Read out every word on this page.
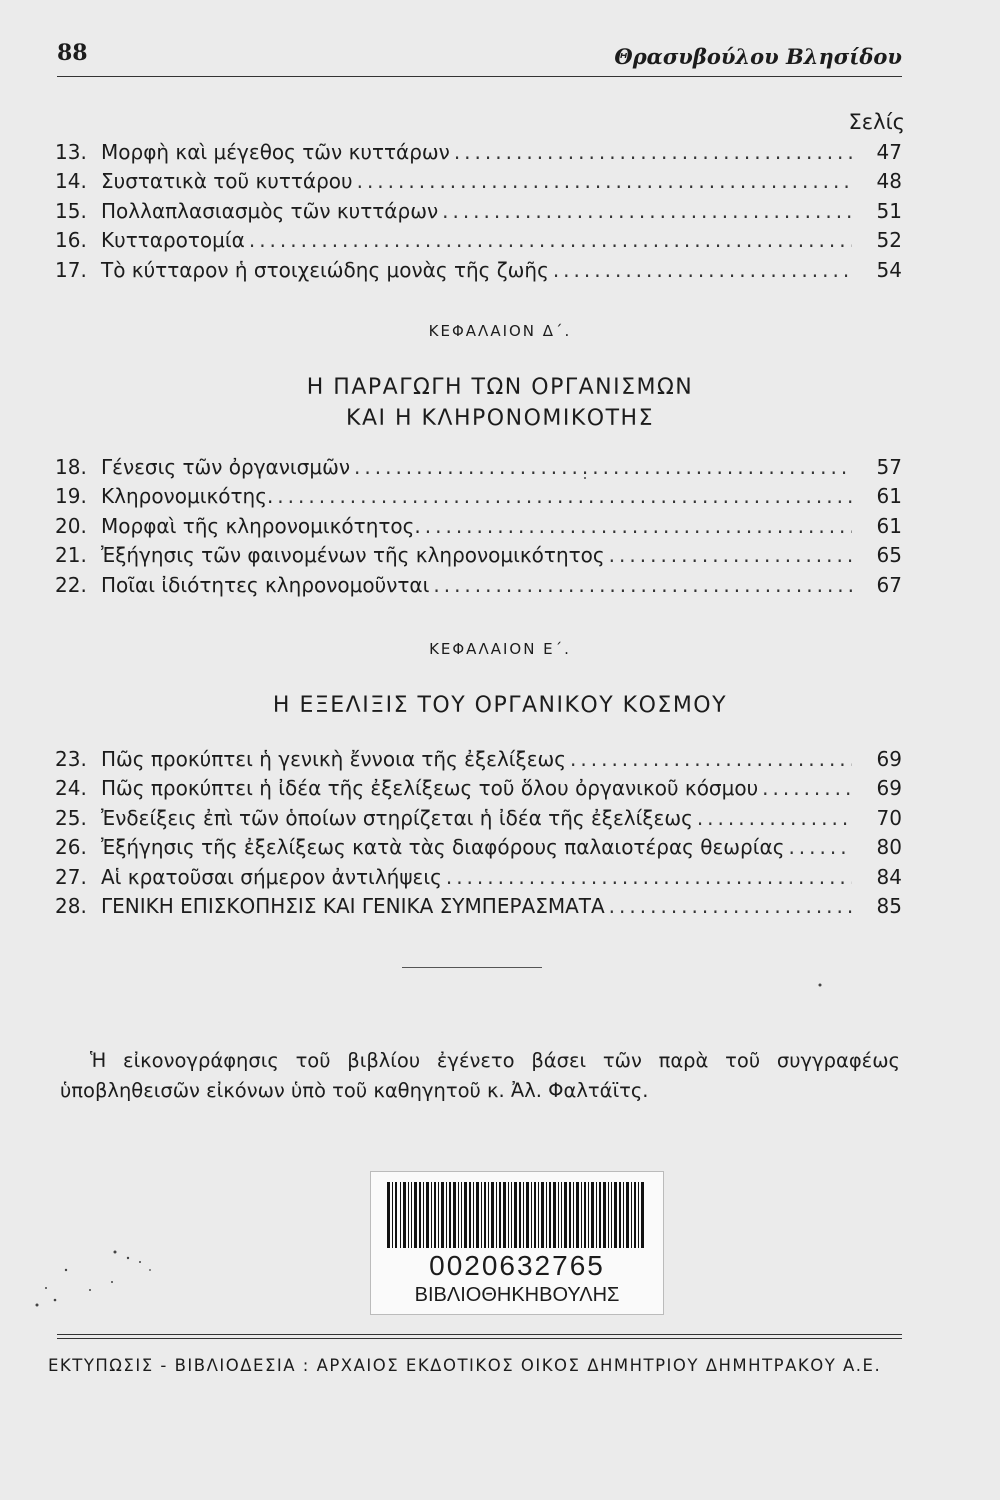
88	Θρασυβούλου Βλησίδου
Σελίς
13. Μορφὴ καὶ μέγεθος τῶν κυττάρων .....	47
14. Συστατικὰ τοῦ κυττάρου .....	48
15. Πολλαπλασιασμὸς τῶν κυττάρων .....	51
16. Κυτταροτομία .....	52
17. Τὸ κύτταρον ἡ στοιχειώδης μονὰς τῆς ζωῆς .....	54
ΚΕΦΑΛΑΙΟΝ Δ΄.
Η ΠΑΡΑΓΩΓΗ ΤΩΝ ΟΡΓΑΝΙΣΜΩΝ
ΚΑΙ Η ΚΛΗΡΟΝΟΜΙΚΟΤΗΣ
18. Γένεσις τῶν ὀργανισμῶν .....	57
19. Κληρονομικότης. .....	61
20. Μορφαὶ τῆς κληρονομικότητος. .....	61
21. Ἐξήγησις τῶν φαινομένων τῆς κληρονομικότητος .....	65
22. Ποῖαι ἰδιότητες κληρονομοῦνται .....	67
ΚΕΦΑΛΑΙΟΝ Ε΄.
Η ΕΞΕΛΙΞΙΣ ΤΟΥ ΟΡΓΑΝΙΚΟΥ ΚΟΣΜΟΥ
23. Πῶς προκύπτει ἡ γενικὴ ἔννοια τῆς ἐξελίξεως .....	69
24. Πῶς προκύπτει ἡ ἰδέα τῆς ἐξελίξεως τοῦ ὅλου ὀργανικοῦ κόσμου .....	69
25. Ἐνδείξεις ἐπὶ τῶν ὁποίων στηρίζεται ἡ ἰδέα τῆς ἐξελίξεως .....	70
26. Ἐξήγησις τῆς ἐξελίξεως κατὰ τὰς διαφόρους παλαιοτέρας θεωρίας .....	80
27. Αἱ κρατοῦσαι σήμερον ἀντιλήψεις .....	84
28. ΓΕΝΙΚΗ ΕΠΙΣΚΟΠΗΣΙΣ ΚΑΙ ΓΕΝΙΚΑ ΣΥΜΠΕΡΑΣΜΑΤΑ .....	85
Ἡ εἰκονογράφησις τοῦ βιβλίου ἐγένετο βάσει τῶν παρὰ τοῦ συγγραφέως ὑποβληθεισῶν εἰκόνων ὑπὸ τοῦ καθηγητοῦ κ. Ἀλ. Φαλτάϊτς.
0020632765
ΒΙΒΛΙΟΘΗΚΗΒΟΥΛΗΣ
ΕΚΤΥΠΩΣΙΣ - ΒΙΒΛΙΟΔΕΣΙΑ : ΑΡΧΑΙΟΣ ΕΚΔΟΤΙΚΟΣ ΟΙΚΟΣ ΔΗΜΗΤΡΙΟΥ ΔΗΜΗΤΡΑΚΟΥ Α.Ε.
